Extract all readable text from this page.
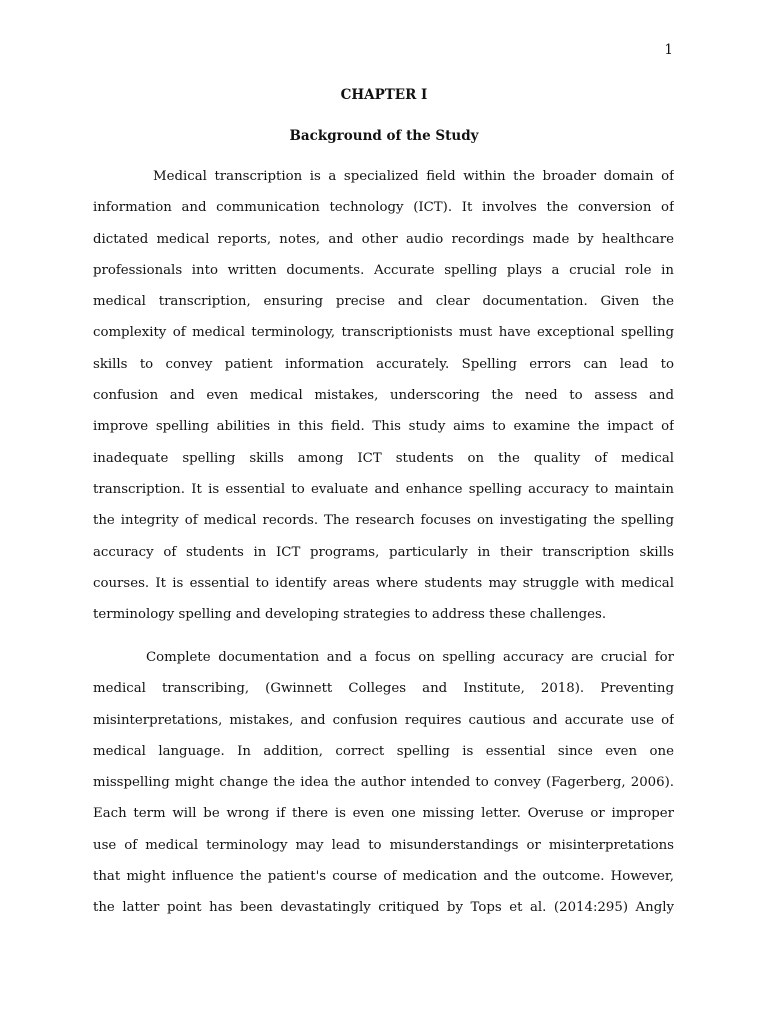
1
CHAPTER I
Background of the Study
Medical transcription is a specialized field within the broader domain of
information and communication technology (ICT). It involves the conversion of
dictated medical reports, notes, and other audio recordings made by healthcare
professionals into written documents. Accurate spelling plays a crucial role in
medical transcription, ensuring precise and clear documentation. Given the
complexity of medical terminology, transcriptionists must have exceptional spelling
skills to convey patient information accurately. Spelling errors can lead to
confusion and even medical mistakes, underscoring the need to assess and
improve spelling abilities in this field. This study aims to examine the impact of
inadequate spelling skills among ICT students on the quality of medical
transcription. It is essential to evaluate and enhance spelling accuracy to maintain
the integrity of medical records. The research focuses on investigating the spelling
accuracy of students in ICT programs, particularly in their transcription skills
courses. It is essential to identify areas where students may struggle with medical
terminology spelling and developing strategies to address these challenges.
Complete documentation and a focus on spelling accuracy are crucial for
medical transcribing, (Gwinnett Colleges and Institute, 2018). Preventing
misinterpretations, mistakes, and confusion requires cautious and accurate use of
medical language. In addition, correct spelling is essential since even one
misspelling might change the idea the author intended to convey (Fagerberg, 2006).
Each term will be wrong if there is even one missing letter. Overuse or improper
use of medical terminology may lead to misunderstandings or misinterpretations
that might influence the patient's course of medication and the outcome. However,
the latter point has been devastatingly critiqued by Tops et al. (2014:295) Angly
